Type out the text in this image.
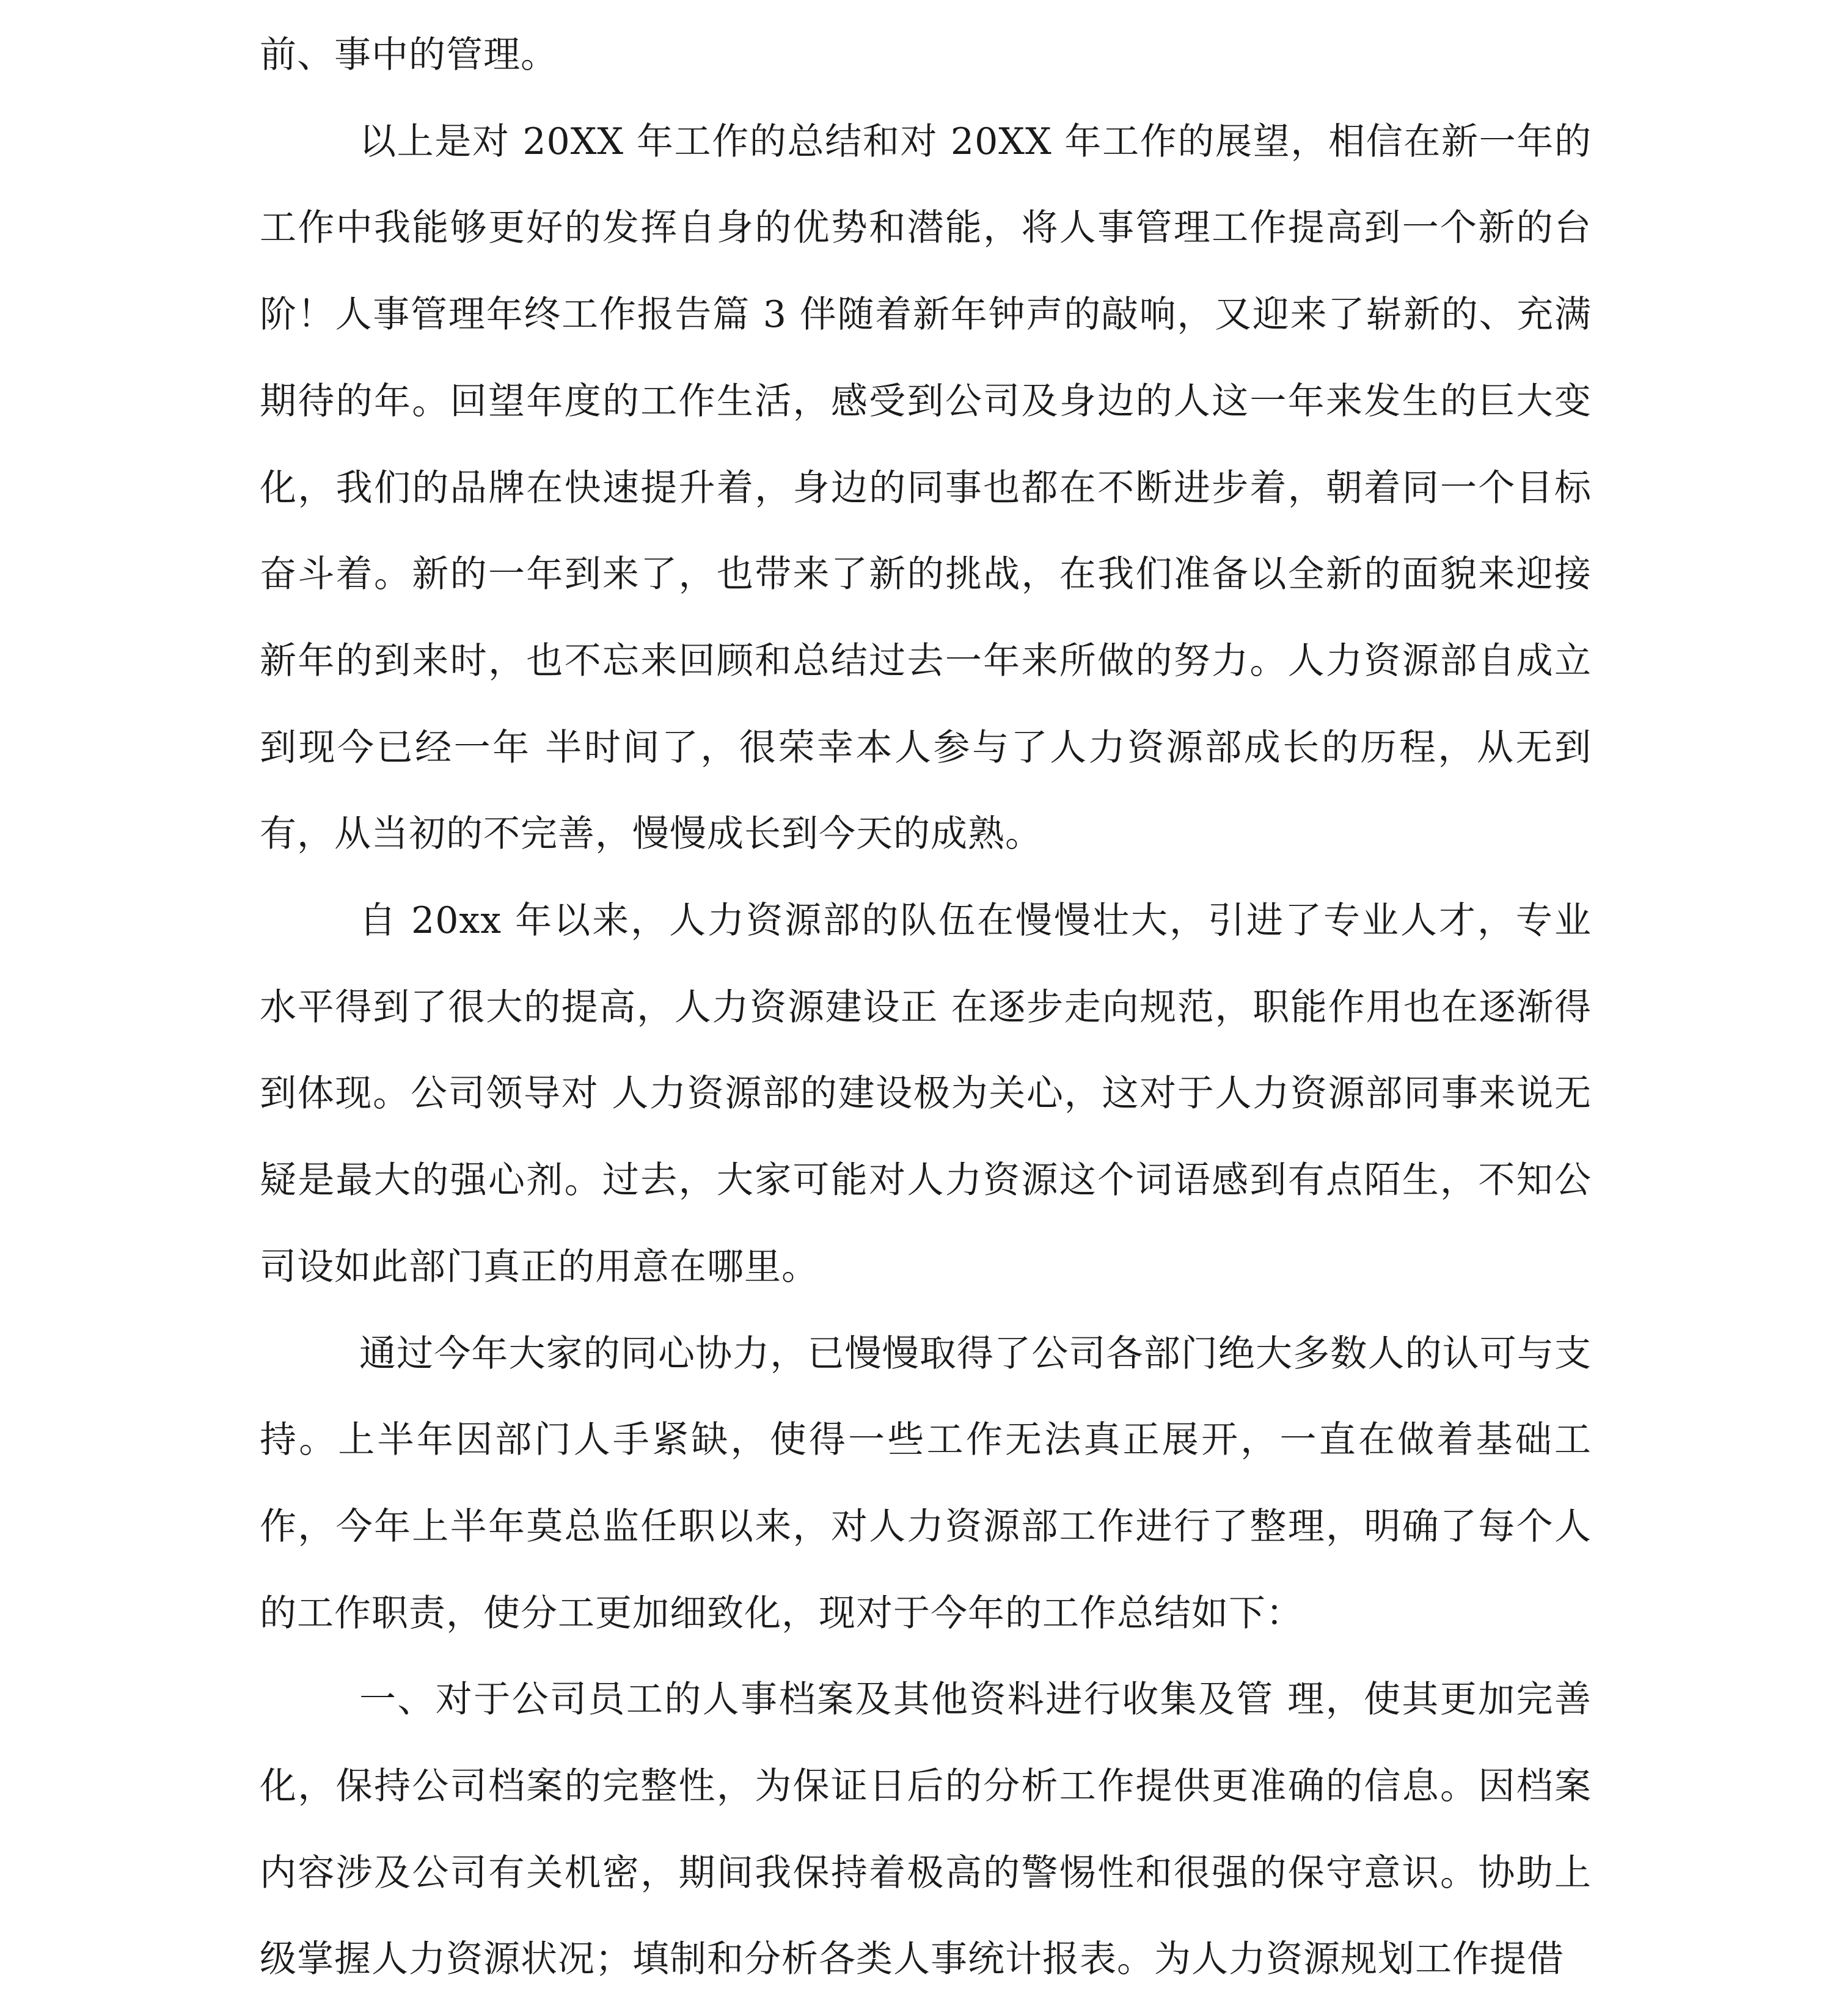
前、事中的管理。

以上是对 20XX 年工作的总结和对 20XX 年工作的展望，相信在新一年的工作中我能够更好的发挥自身的优势和潜能，将人事管理工作提高到一个新的台阶！人事管理年终工作报告篇 3 伴随着新年钟声的敲响，又迎来了崭新的、充满期待的年。回望年度的工作生活，感受到公司及身边的人这一年来发生的巨大变化，我们的品牌在快速提升着，身边的同事也都在不断进步着，朝着同一个目标奋斗着。新的一年到来了，也带来了新的挑战，在我们准备以全新的面貌来迎接新年的到来时，也不忘来回顾和总结过去一年来所做的努力。人力资源部自成立到现今已经一年 半时间了，很荣幸本人参与了人力资源部成长的历程，从无到有，从当初的不完善，慢慢成长到今天的成熟。

自 20xx 年以来，人力资源部的队伍在慢慢壮大，引进了专业人才，专业水平得到了很大的提高，人力资源建设正 在逐步走向规范，职能作用也在逐渐得到体现。公司领导对 人力资源部的建设极为关心，这对于人力资源部同事来说无疑是最大的强心剂。过去，大家可能对人力资源这个词语感到有点陌生，不知公司设如此部门真正的用意在哪里。

通过今年大家的同心协力，已慢慢取得了公司各部门绝大多数人的认可与支持。上半年因部门人手紧缺，使得一些工作无法真正展开，一直在做着基础工作，今年上半年莫总监任职以来，对人力资源部工作进行了整理，明确了每个人的工作职责，使分工更加细致化，现对于今年的工作总结如下：

一、对于公司员工的人事档案及其他资料进行收集及管 理，使其更加完善化，保持公司档案的完整性，为保证日后的分析工作提供更准确的信息。因档案内容涉及公司有关机密，期间我保持着极高的警惕性和很强的保守意识。协助上级掌握人力资源状况；填制和分析各类人事统计报表。为人力资源规划工作提借
